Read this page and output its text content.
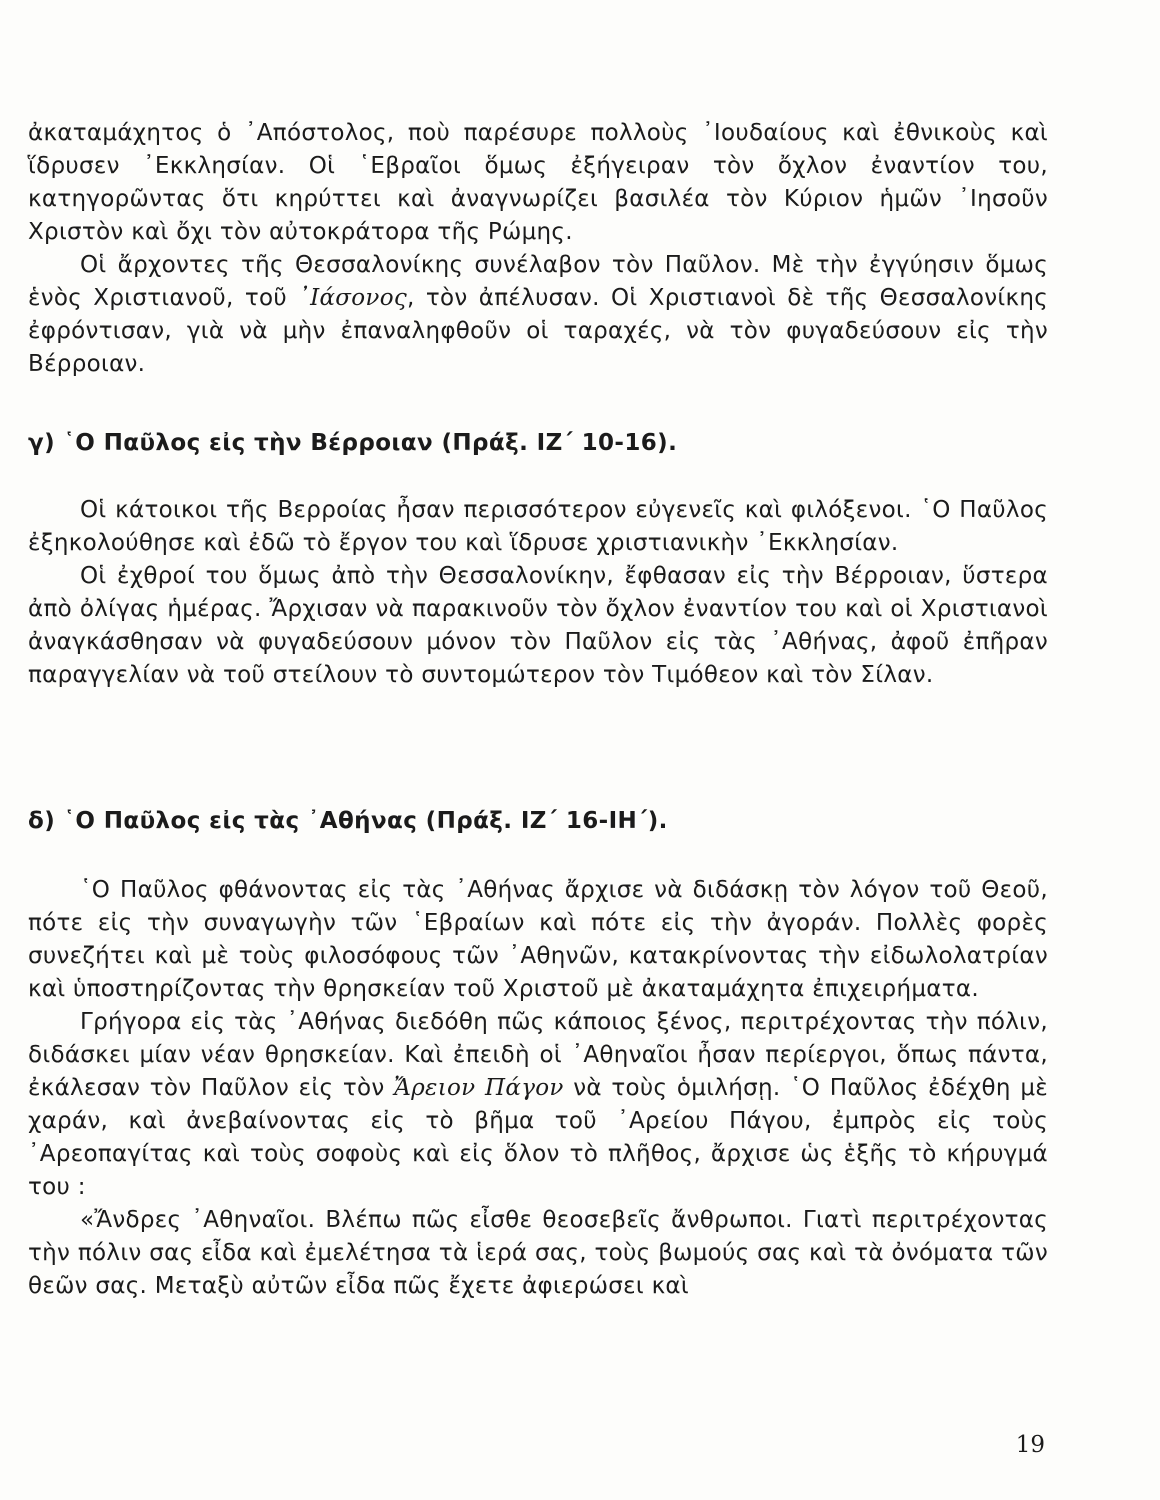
ἀκαταμάχητος ὁ ᾿Απόστολος, ποὺ παρέσυρε πολλοὺς ᾿Ιουδαίους καὶ ἐθνικοὺς καὶ ἵδρυσεν ᾿Εκκλησίαν. Οἱ ῾Εβραῖοι ὅμως ἐξήγειραν τὸν ὄχλον ἐναντίον του, κατηγορῶντας ὅτι κηρύττει καὶ ἀναγνωρίζει βασιλέα τὸν Κύριον ἡμῶν ᾿Ιησοῦν Χριστὸν καὶ ὄχι τὸν αὐτοκράτορα τῆς Ρώμης.

Οἱ ἄρχοντες τῆς Θεσσαλονίκης συνέλαβον τὸν Παῦλον. Μὲ τὴν ἐγγύησιν ὅμως ἑνὸς Χριστιανοῦ, τοῦ ᾿Ιάσονος, τὸν ἀπέλυσαν. Οἱ Χριστιανοὶ δὲ τῆς Θεσσαλονίκης ἐφρόντισαν, γιὰ νὰ μὴν ἐπαναληφθοῦν οἱ ταραχές, νὰ τὸν φυγαδεύσουν εἰς τὴν Βέρροιαν.

γ) ῾Ο Παῦλος εἰς τὴν Βέρροιαν (Πράξ. ΙΖ΄ 10-16).

Οἱ κάτοικοι τῆς Βερροίας ἦσαν περισσότερον εὐγενεῖς καὶ φιλόξενοι. ῾Ο Παῦλος ἐξηκολούθησε καὶ ἐδῶ τὸ ἔργον του καὶ ἵδρυσε χριστιανικὴν ᾿Εκκλησίαν.

Οἱ ἐχθροί του ὅμως ἀπὸ τὴν Θεσσαλονίκην, ἔφθασαν εἰς τὴν Βέρροιαν, ὕστερα ἀπὸ ὀλίγας ἡμέρας. Ἄρχισαν νὰ παρακινοῦν τὸν ὄχλον ἐναντίον του καὶ οἱ Χριστιανοὶ ἀναγκάσθησαν νὰ φυγαδεύσουν μόνον τὸν Παῦλον εἰς τὰς ᾿Αθήνας, ἀφοῦ ἐπῆραν παραγγελίαν νὰ τοῦ στείλουν τὸ συντομώτερον τὸν Τιμόθεον καὶ τὸν Σίλαν.

δ) ῾Ο Παῦλος εἰς τὰς ᾿Αθήνας (Πράξ. ΙΖ΄ 16-ΙΗ΄).

῾Ο Παῦλος φθάνοντας εἰς τὰς ᾿Αθήνας ἄρχισε νὰ διδάσκῃ τὸν λόγον τοῦ Θεοῦ, πότε εἰς τὴν συναγωγὴν τῶν ῾Εβραίων καὶ πότε εἰς τὴν ἀγοράν. Πολλὲς φορὲς συνεζήτει καὶ μὲ τοὺς φιλοσόφους τῶν ᾿Αθηνῶν, κατακρίνοντας τὴν εἰδωλολατρίαν καὶ ὑποστηρίζοντας τὴν θρησκείαν τοῦ Χριστοῦ μὲ ἀκαταμάχητα ἐπιχειρήματα.

Γρήγορα εἰς τὰς ᾿Αθήνας διεδόθη πῶς κάποιος ξένος, περιτρέχοντας τὴν πόλιν, διδάσκει μίαν νέαν θρησκείαν. Καὶ ἐπειδὴ οἱ ᾿Αθηναῖοι ἦσαν περίεργοι, ὅπως πάντα, ἐκάλεσαν τὸν Παῦλον εἰς τὸν Ἄρειον Πάγον νὰ τοὺς ὁμιλήσῃ. ῾Ο Παῦλος ἐδέχθη μὲ χαράν, καὶ ἀνεβαίνοντας εἰς τὸ βῆμα τοῦ ᾿Αρείου Πάγου, ἐμπρὸς εἰς τοὺς ᾿Αρεοπαγίτας καὶ τοὺς σοφοὺς καὶ εἰς ὅλον τὸ πλῆθος, ἄρχισε ὡς ἑξῆς τὸ κήρυγμά του :

«Ἄνδρες ᾿Αθηναῖοι. Βλέπω πῶς εἶσθε θεοσεβεῖς ἄνθρωποι. Γιατὶ περιτρέχοντας τὴν πόλιν σας εἶδα καὶ ἐμελέτησα τὰ ἱερά σας, τοὺς βωμούς σας καὶ τὰ ὀνόματα τῶν θεῶν σας. Μεταξὺ αὐτῶν εἶδα πῶς ἔχετε ἀφιερώσει καὶ

19
